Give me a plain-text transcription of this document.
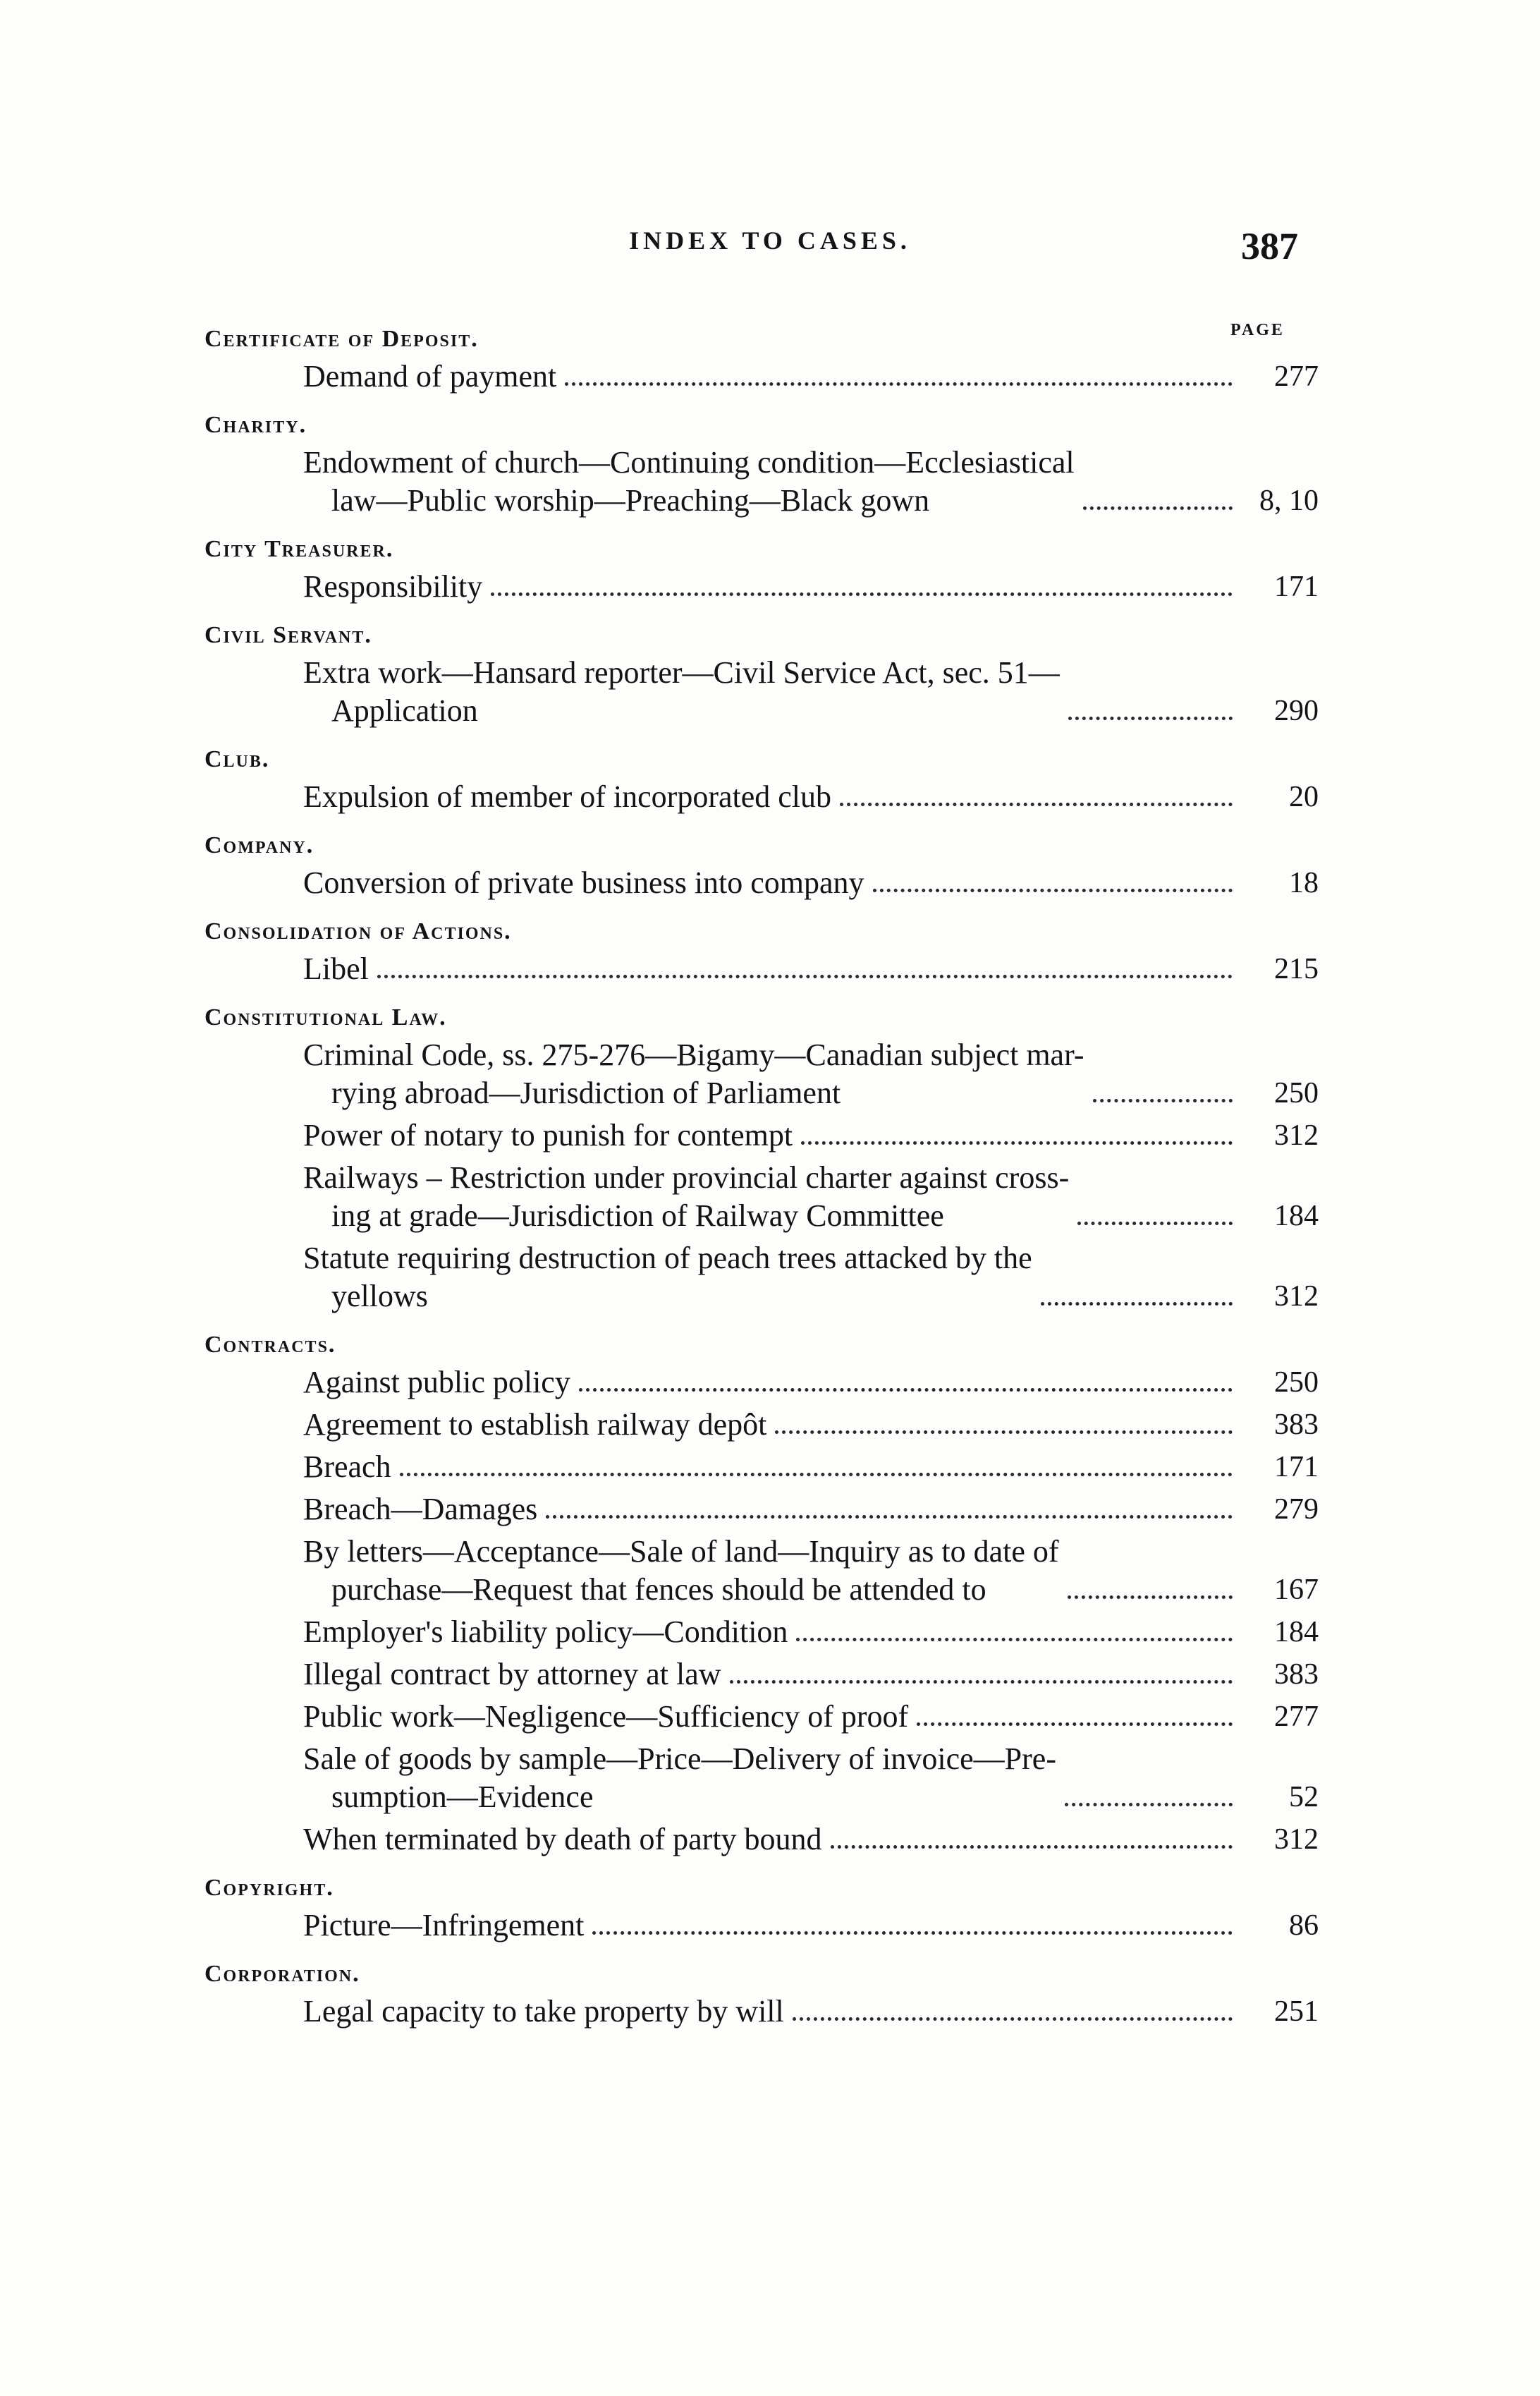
INDEX TO CASES.	387
PAGE
Certificate of Deposit.
Demand of payment	277
Charity.
Endowment of church—Continuing condition—Ecclesiastical
law—Public worship—Preaching—Black gown	8, 10
City Treasurer.
Responsibility	171
Civil Servant.
Extra work—Hansard reporter—Civil Service Act, sec. 51—
Application	290
Club.
Expulsion of member of incorporated club	20
Company.
Conversion of private business into company	18
Consolidation of Actions.
Libel	215
Constitutional Law.
Criminal Code, ss. 275-276—Bigamy—Canadian subject mar-
rying abroad—Jurisdiction of Parliament	250
Power of notary to punish for contempt	312
Railways – Restriction under provincial charter against cross-
ing at grade—Jurisdiction of Railway Committee	184
Statute requiring destruction of peach trees attacked by the
yellows	312
Contracts.
Against public policy	250
Agreement to establish railway depôt	383
Breach	171
Breach—Damages	279
By letters—Acceptance—Sale of land—Inquiry as to date of
purchase—Request that fences should be attended to	167
Employer's liability policy—Condition	184
Illegal contract by attorney at law	383
Public work—Negligence—Sufficiency of proof	277
Sale of goods by sample—Price—Delivery of invoice—Pre-
sumption—Evidence	52
When terminated by death of party bound	312
Copyright.
Picture—Infringement	86
Corporation.
Legal capacity to take property by will	251
